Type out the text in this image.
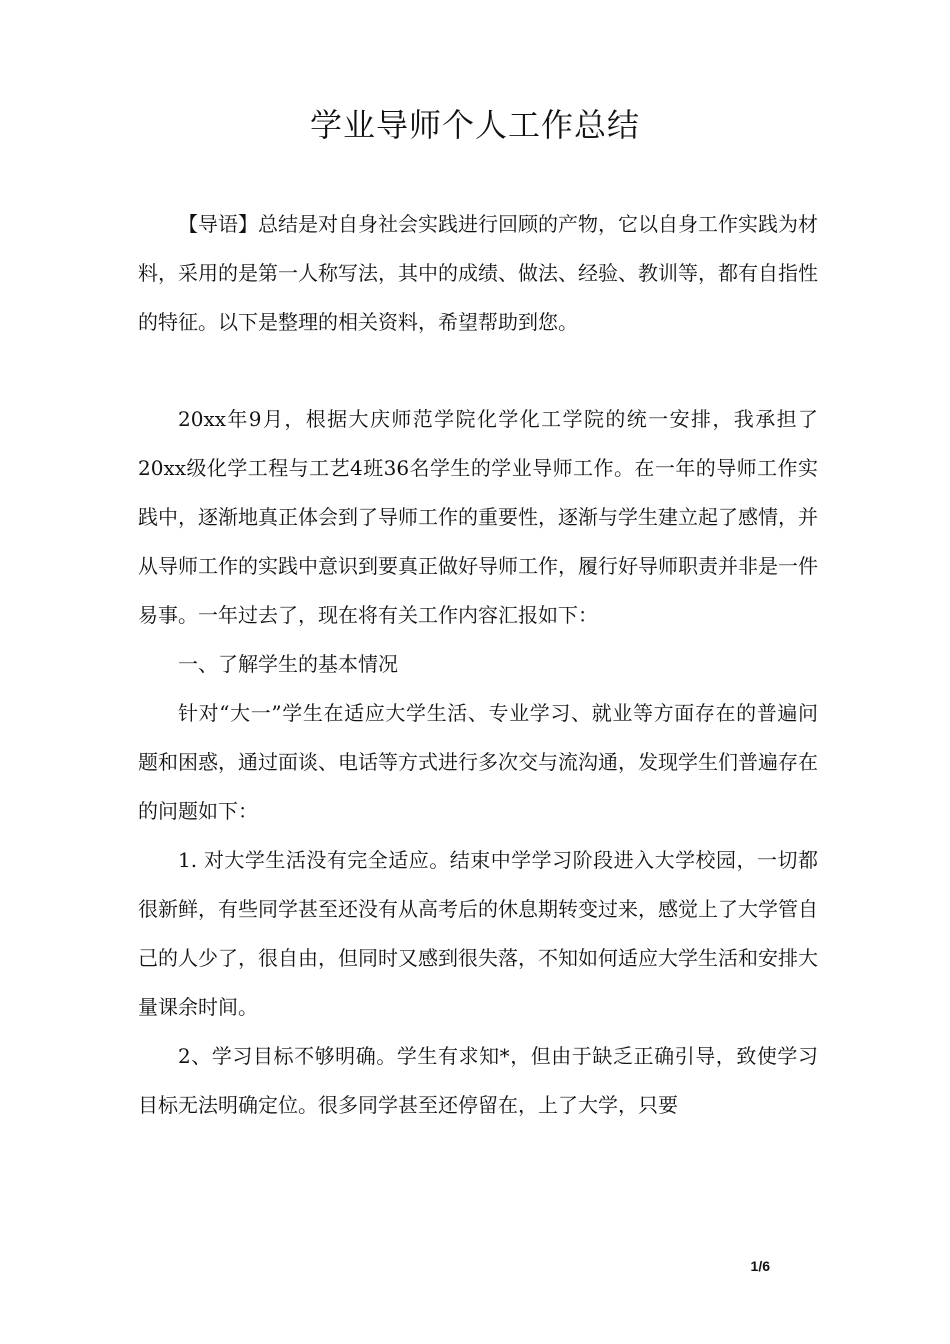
学业导师个人工作总结

【导语】总结是对自身社会实践进行回顾的产物，它以自身工作实践为材料，采用的是第一人称写法，其中的成绩、做法、经验、教训等，都有自指性的特征。以下是整理的相关资料，希望帮助到您。

20xx年9月，根据大庆师范学院化学化工学院的统一安排，我承担了20xx级化学工程与工艺4班36名学生的学业导师工作。在一年的导师工作实践中，逐渐地真正体会到了导师工作的重要性，逐渐与学生建立起了感情，并从导师工作的实践中意识到要真正做好导师工作，履行好导师职责并非是一件易事。一年过去了，现在将有关工作内容汇报如下：

一、了解学生的基本情况

针对“大一”学生在适应大学生活、专业学习、就业等方面存在的普遍问题和困惑，通过面谈、电话等方式进行多次交与流沟通，发现学生们普遍存在的问题如下：

1. 对大学生活没有完全适应。结束中学学习阶段进入大学校园，一切都很新鲜，有些同学甚至还没有从高考后的休息期转变过来，感觉上了大学管自己的人少了，很自由，但同时又感到很失落，不知如何适应大学生活和安排大量课余时间。

2、学习目标不够明确。学生有求知*，但由于缺乏正确引导，致使学习目标无法明确定位。很多同学甚至还停留在，上了大学，只要

1/6
